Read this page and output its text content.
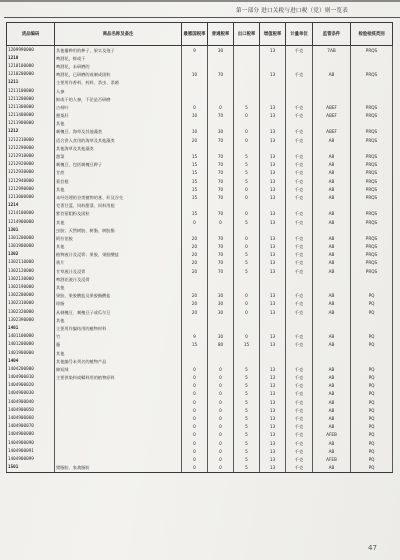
第一部分 进口关税与进口税（党）则一览表
货品编码	商品名称及备注	最惠国税率	普通税率	出口税率	增值税率	计量单位	监管条件	检验检疫类别
1209990000	其他播种用的种子、果实及孢子	9	30		13	千克	7AB	PRQS
1210	啤酒花，鲜或干							
1210100000	啤酒花，未研磨的							
1210200000	啤酒花，已研磨的或制成团粒	10	70		13	千克	AB	PRQS
1211	主要用作香料、药料、杀虫、杀菌							
1211100000	人参							
1211200000	鲜或干的人参，不论是否研磨							
1211300000	古柯叶	0	0	5	13	千克	ABEF	PRQS
1211400000	罂粟秆	10	70	0	13	千克	ABEF	PRQS
1211900000	其他							
1212	刺槐豆、海草及其他藻类	10	30	0	13	千克	ABEF	PRQS
1212210000	适合供人食用的海草及其他藻类	20	70	0	13	千克	AB	PRQS
1212290000	其他海草及其他藻类							
1212910000	甜菜	15	70	5	13	千克	AB	PRQS
1212920000	刺槐豆，包括刺槐豆种子	15	70	5	13	千克	AB	PRQS
1212930000	甘蔗	15	70	5	13	千克	AB	PRQS
1212940000	菊苣根	15	70	5	13	千克	AB	PRQS
1212990000	其他	15	70	0	13	千克	AB	PRQS
1213000000	未经处理的谷类植物的茎、秆及谷壳	15	70	0	13	千克	AB	PRQS
1214	芜菁甘蓝、饲料甜菜、饲料用根							
1214100000	紫苜蓿粗粉及团粒	15	70	0	13	千克	AB	PRQS
1214900000	其他	0	0	5	13	千克	AB	PRQS
1301	虫胶；天然树胶、树脂、树胶脂							
1301200000	阿拉伯胶	20	70	0	13	千克	AB	PRQS
1301900000	其他	20	70	0	13	千克	AB	PRQS
1302	植物液汁及浸膏；果胶、果胶酸盐	20	70	5	13	千克	AB	PRQS
1302110000	鸦片	20	70	5	13	千克	AB	PRQS
1302120000	甘草液汁及浸膏	20	70	5	13	千克	AB	PRQS
1302130000	啤酒花液汁及浸膏							
1302190000	其他							
1302200000	果胶、果胶酸盐及果胶酯酸盐	20	30	0	13	千克	AB	PQ
1302310000	琼脂	20	30	0	13	千克	AB	PQ
1302320000	从刺槐豆、刺槐豆子或瓜尔豆	20	30	0	13	千克	AB	PQ
1302390000	其他							
1401	主要用作编结用的植物材料							
1401100000	竹	9	30	0	13	千克	AB	PQ
1401200000	藤	15	80	15	13	千克	AB	PQ
1401900000	其他							
1404	其他编号未列名的植物产品							
1404200000	棉短绒	0	0	5	13	千克	AB	PQ
1404900010	主要供染料或鞣料用的植物原料	0	0	5	13	千克	AB	PQ
1404900020		0	0	5	13	千克	AB	PQ
1404900030		0	0	5	13	千克	AB	PQ
1404900040		0	0	5	13	千克	AB	PQ
1404900050		0	0	5	13	千克	AB	PQ
1404900060		0	0	5	13	千克	AB	PQ
1404900070		0	0	5	13	千克	AB	PQ
1404900080		0	0	5	13	千克	AFEB	PQ
1404900090		0	0	5	13	千克	AB	PQ
1404900091		0	0	5	13	千克	AB	PQ
1404900099		0	0	5	13	千克	AFEB	PQ
1501	猪脂肪、家禽脂肪	0	0	5	13	千克	AB	PQ
47
